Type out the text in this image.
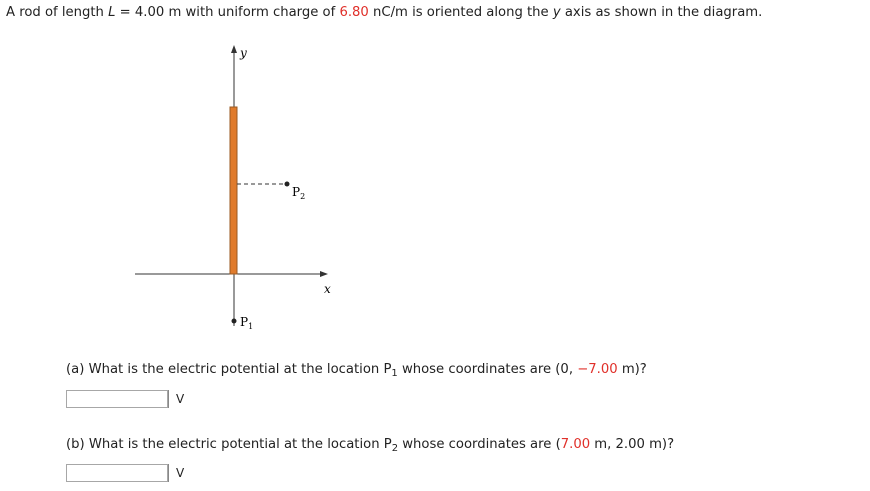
A rod of length L = 4.00 m with uniform charge of 6.80 nC/m is oriented along the y axis as shown in the diagram.
y
x
$P_2$
$P_1$
(a) What is the electric potential at the location $P_1$ whose coordinates are (0, −7.00 m)?
V
(b) What is the electric potential at the location $P_2$ whose coordinates are (7.00 m, 2.00 m)?
V
